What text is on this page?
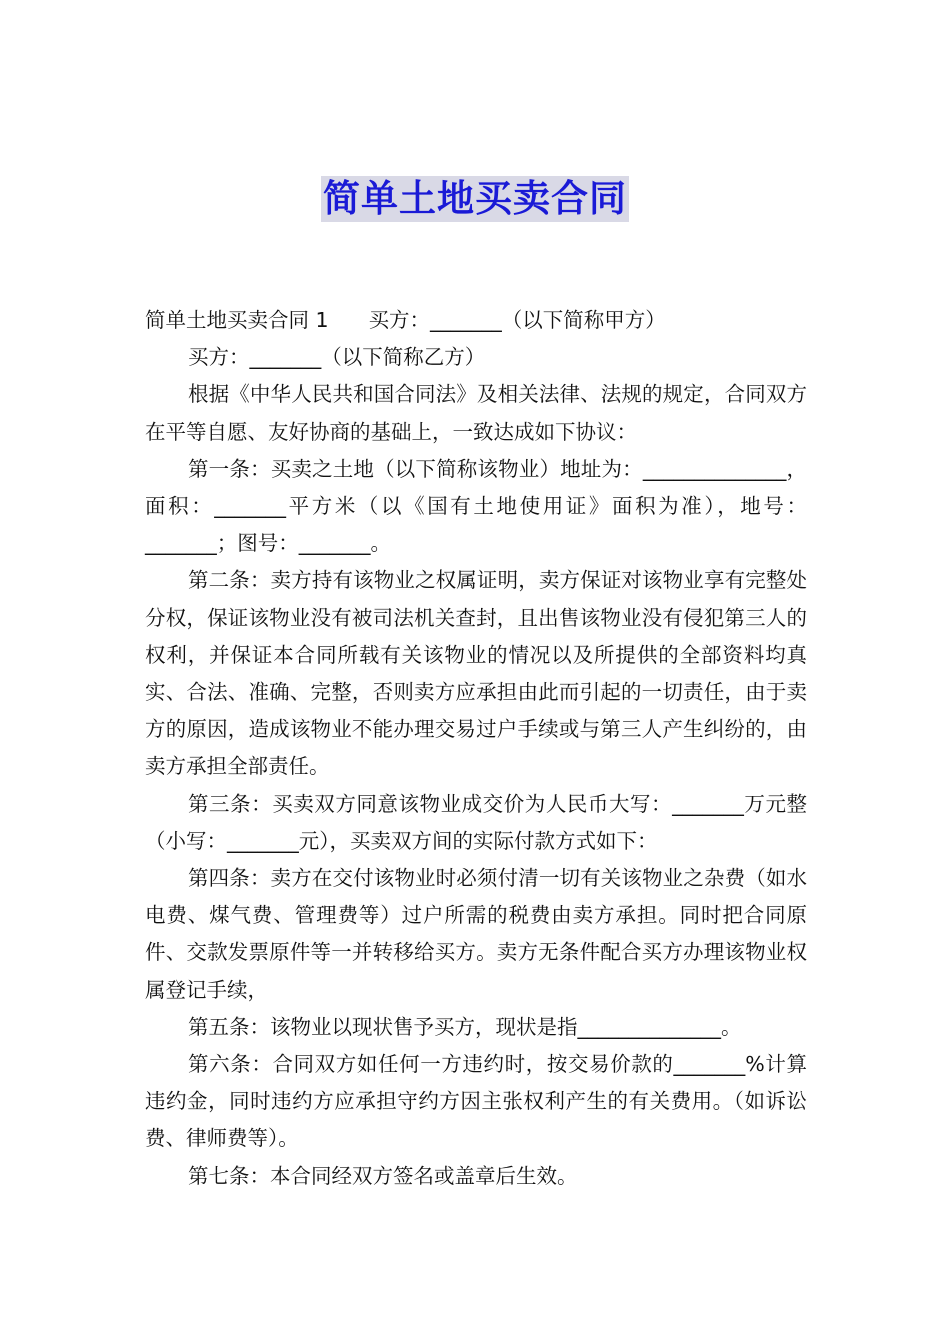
简单土地买卖合同

简单土地买卖合同 1 买方：_______（以下简称甲方）

买方：_______（以下简称乙方）

根据《中华人民共和国合同法》及相关法律、法规的规定，合同双方在平等自愿、友好协商的基础上，一致达成如下协议：

第一条：买卖之土地（以下简称该物业）地址为：______________，面积：_______平方米（以《国有土地使用证》面积为准），地号：_______；图号：_______。

第二条：卖方持有该物业之权属证明，卖方保证对该物业享有完整处分权，保证该物业没有被司法机关查封，且出售该物业没有侵犯第三人的权利，并保证本合同所载有关该物业的情况以及所提供的全部资料均真实、合法、准确、完整，否则卖方应承担由此而引起的一切责任，由于卖方的原因，造成该物业不能办理交易过户手续或与第三人产生纠纷的，由卖方承担全部责任。

第三条：买卖双方同意该物业成交价为人民币大写：_______万元整（小写：_______元），买卖双方间的实际付款方式如下：

第四条：卖方在交付该物业时必须付清一切有关该物业之杂费（如水电费、煤气费、管理费等）过户所需的税费由卖方承担。同时把合同原件、交款发票原件等一并转移给买方。卖方无条件配合买方办理该物业权属登记手续，

第五条：该物业以现状售予买方，现状是指______________。

第六条：合同双方如任何一方违约时，按交易价款的_______%计算违约金，同时违约方应承担守约方因主张权利产生的有关费用。（如诉讼费、律师费等）。

第七条：本合同经双方签名或盖章后生效。
